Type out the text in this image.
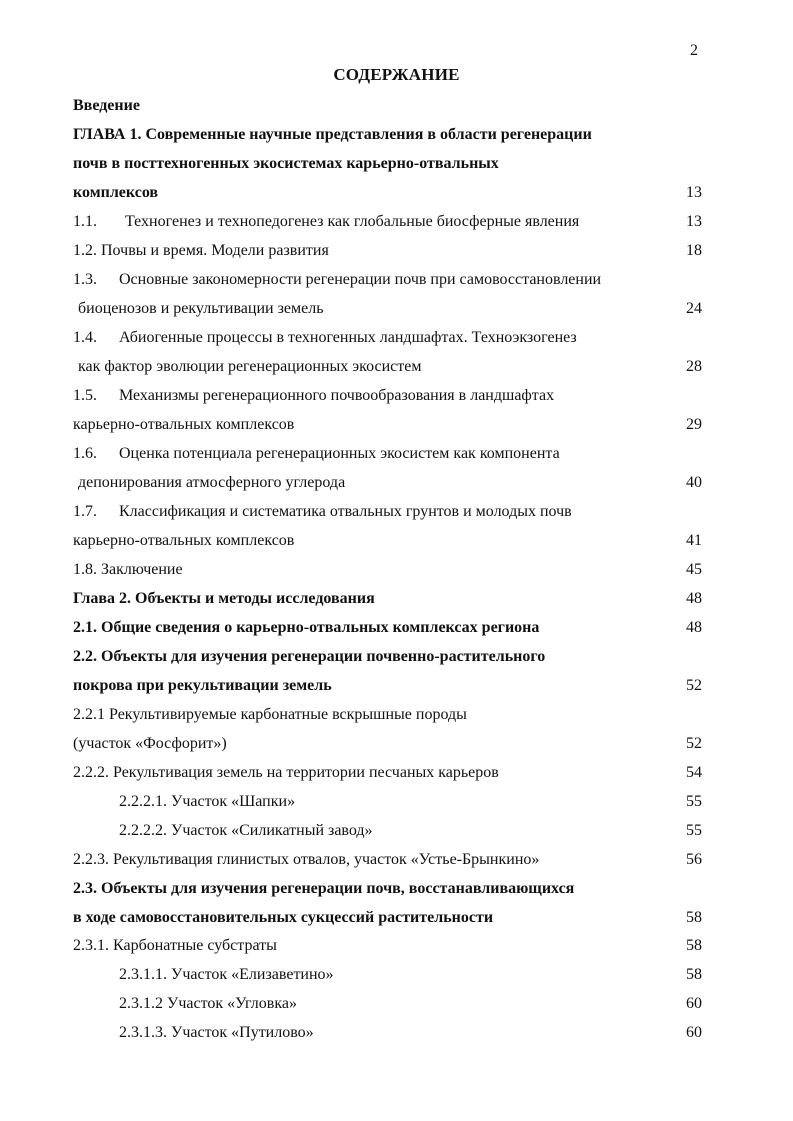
2
СОДЕРЖАНИЕ
Введение
ГЛАВА 1. Современные научные представления в области регенерации
почв в посттехногенных экосистемах карьерно-отвальных
комплексов	13
1.1. Техногенез и технопедогенез как глобальные биосферные явления	13
1.2. Почвы и время. Модели развития	18
1.3. Основные закономерности регенерации почв при самовосстановлении
биоценозов и рекультивации земель	24
1.4. Абиогенные процессы в техногенных ландшафтах. Техноэкзогенез
как фактор эволюции регенерационных экосистем	28
1.5. Механизмы регенерационного почвообразования в ландшафтах
карьерно-отвальных комплексов	29
1.6. Оценка потенциала регенерационных экосистем как компонента
депонирования атмосферного углерода	40
1.7. Классификация и систематика отвальных грунтов и молодых почв
карьерно-отвальных комплексов	41
1.8. Заключение	45
Глава 2. Объекты и методы исследования	48
2.1. Общие сведения о карьерно-отвальных комплексах региона	48
2.2. Объекты для изучения регенерации почвенно-растительного
покрова при рекультивации земель	52
2.2.1 Рекультивируемые карбонатные вскрышные породы
(участок «Фосфорит»)	52
2.2.2. Рекультивация земель на территории песчаных карьеров	54
2.2.2.1. Участок «Шапки»	55
2.2.2.2. Участок «Силикатный завод»	55
2.2.3. Рекультивация глинистых отвалов, участок «Устье-Брынкино»	56
2.3. Объекты для изучения регенерации почв, восстанавливающихся
в ходе самовосстановительных сукцессий растительности	58
2.3.1. Карбонатные субстраты	58
2.3.1.1. Участок «Елизаветино»	58
2.3.1.2 Участок «Угловка»	60
2.3.1.3. Участок «Путилово»	60
